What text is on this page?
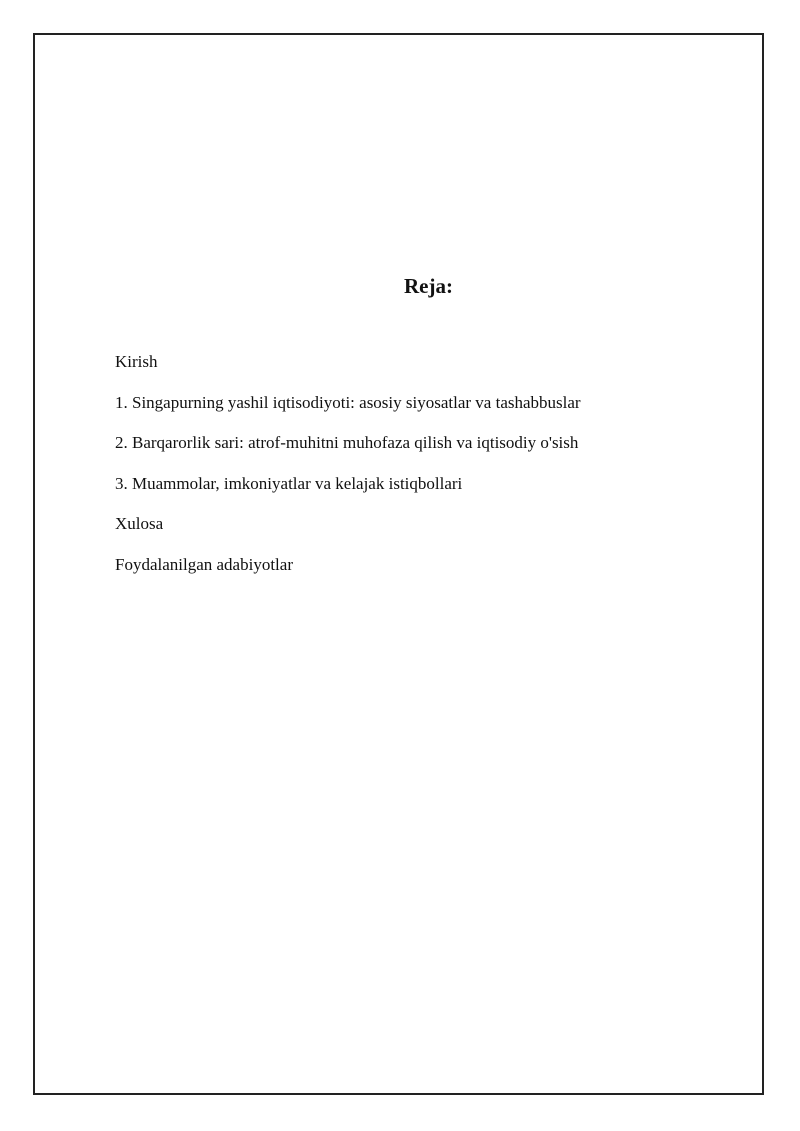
Reja:
Kirish
1. Singapurning yashil iqtisodiyoti: asosiy siyosatlar va tashabbuslar
2. Barqarorlik sari: atrof-muhitni muhofaza qilish va iqtisodiy o'sish
3. Muammolar, imkoniyatlar va kelajak istiqbollari
Xulosa
Foydalanilgan adabiyotlar
